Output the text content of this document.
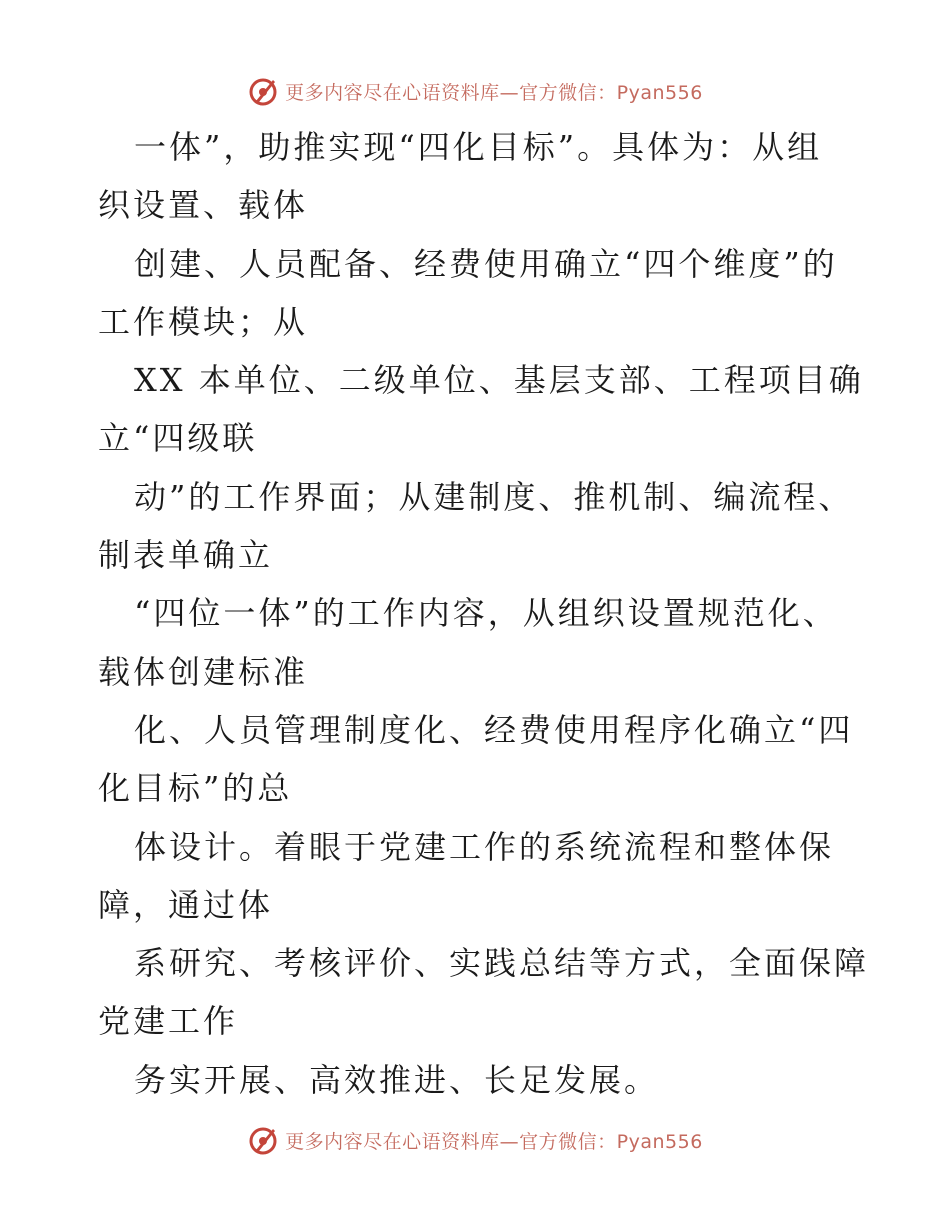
更多内容尽在心语资料库—官方微信：Pyan556
一体”，助推实现“四化目标”。具体为：从组
织设置、载体
创建、人员配备、经费使用确立“四个维度”的
工作模块；从
XX 本单位、二级单位、基层支部、工程项目确
立“四级联
动”的工作界面；从建制度、推机制、编流程、
制表单确立
“四位一体”的工作内容，从组织设置规范化、
载体创建标准
化、人员管理制度化、经费使用程序化确立“四
化目标”的总
体设计。着眼于党建工作的系统流程和整体保
障，通过体
系研究、考核评价、实践总结等方式，全面保障
党建工作
务实开展、高效推进、长足发展。
更多内容尽在心语资料库—官方微信：Pyan556
